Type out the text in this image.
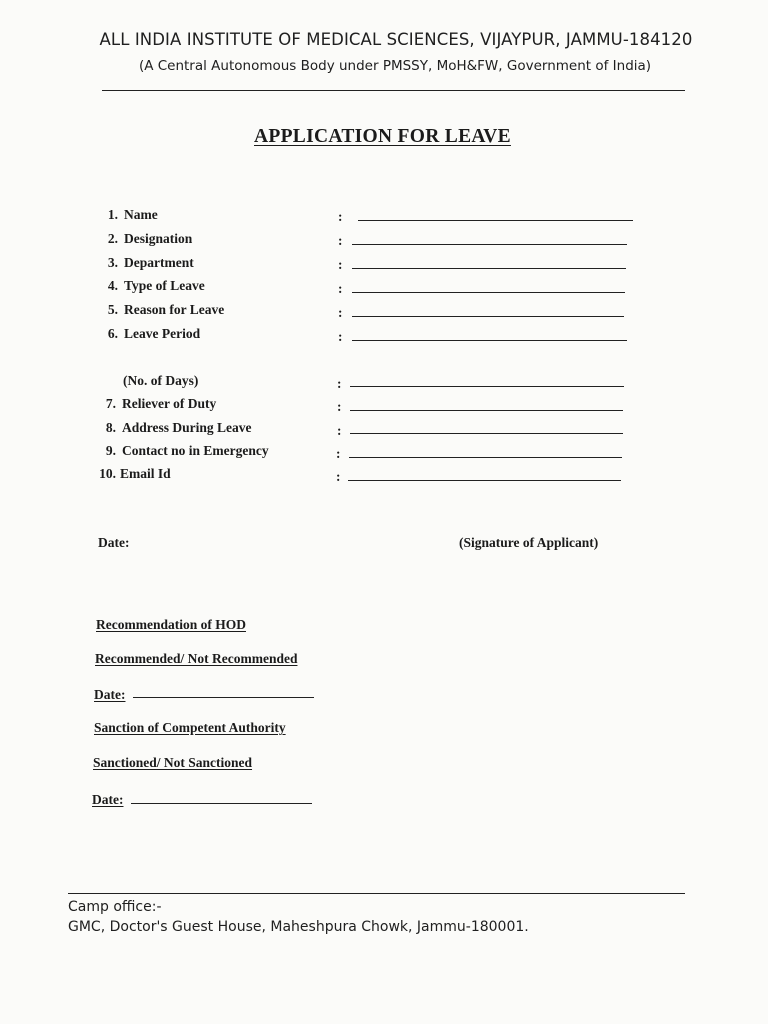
ALL INDIA INSTITUTE OF MEDICAL SCIENCES, VIJAYPUR, JAMMU-184120
(A Central Autonomous Body under PMSSY, MoH&FW, Government of India)
APPLICATION FOR LEAVE
1. Name	:
2. Designation	:
3. Department	:
4. Type of Leave	:
5. Reason for Leave	:
6. Leave Period	:
(No. of Days)	:
7. Reliever of Duty	:
8. Address During Leave	:
9. Contact no in Emergency	:
10. Email Id	:
Date:	(Signature of Applicant)
Recommendation of HOD
Recommended/ Not Recommended
Date:
Sanction of Competent Authority
Sanctioned/ Not Sanctioned
Date:
Camp office:-
GMC, Doctor's Guest House, Maheshpura Chowk, Jammu-180001.
